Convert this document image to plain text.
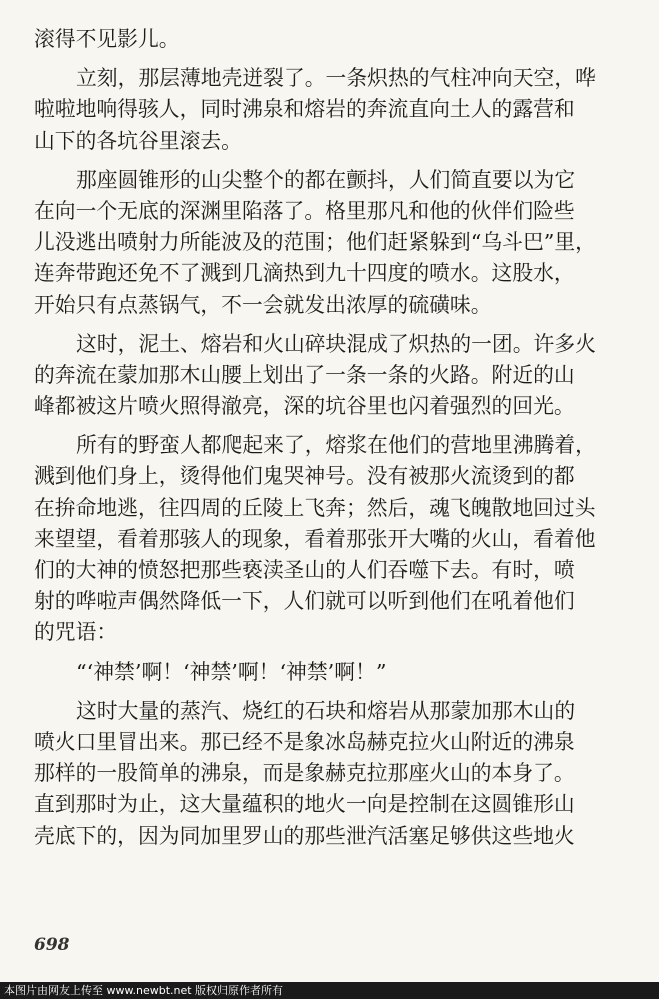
滚得不见影儿。
立刻，那层薄地壳迸裂了。一条炽热的气柱冲向天空，哗
啦啦地响得骇人，同时沸泉和熔岩的奔流直向土人的露营和
山下的各坑谷里滚去。
那座圆锥形的山尖整个的都在颤抖，人们简直要以为它
在向一个无底的深渊里陷落了。格里那凡和他的伙伴们险些
儿没逃出喷射力所能波及的范围；他们赶紧躲到“乌斗巴”里，
连奔带跑还免不了溅到几滴热到九十四度的喷水。这股水，
开始只有点蒸锅气，不一会就发出浓厚的硫磺味。
这时，泥土、熔岩和火山碎块混成了炽热的一团。许多火
的奔流在蒙加那木山腰上划出了一条一条的火路。附近的山
峰都被这片喷火照得澈亮，深的坑谷里也闪着强烈的回光。
所有的野蛮人都爬起来了，熔浆在他们的营地里沸腾着，
溅到他们身上，烫得他们鬼哭神号。没有被那火流烫到的都
在拚命地逃，往四周的丘陵上飞奔；然后，魂飞魄散地回过头
来望望，看着那骇人的现象，看着那张开大嘴的火山，看着他
们的大神的愤怒把那些亵渎圣山的人们吞噬下去。有时，喷
射的哗啦声偶然降低一下，人们就可以听到他们在吼着他们
的咒语：
“‘神禁’啊！‘神禁’啊！‘神禁’啊！”
这时大量的蒸汽、烧红的石块和熔岩从那蒙加那木山的
喷火口里冒出来。那已经不是象冰岛赫克拉火山附近的沸泉
那样的一股简单的沸泉，而是象赫克拉那座火山的本身了。
直到那时为止，这大量蕴积的地火一向是控制在这圆锥形山
壳底下的，因为同加里罗山的那些泄汽活塞足够供这些地火
698
本图片由网友上传至 www.newbt.net 版权归原作者所有
